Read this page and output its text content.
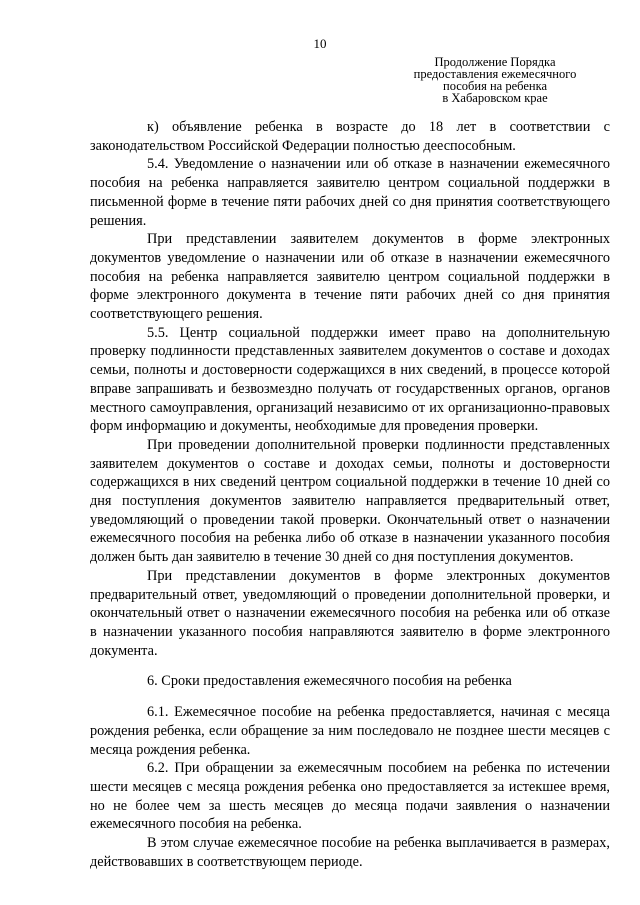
10
Продолжение Порядка
предоставления ежемесячного
пособия на ребенка
в Хабаровском крае

к) объявление ребенка в возрасте до 18 лет в соответствии с законодательством Российской Федерации полностью дееспособным.

5.4. Уведомление о назначении или об отказе в назначении ежемесячного пособия на ребенка направляется заявителю центром социальной поддержки в письменной форме в течение пяти рабочих дней со дня принятия соответствующего решения.

При представлении заявителем документов в форме электронных документов уведомление о назначении или об отказе в назначении ежемесячного пособия на ребенка направляется заявителю центром социальной поддержки в форме электронного документа в течение пяти рабочих дней со дня принятия соответствующего решения.

5.5. Центр социальной поддержки имеет право на дополнительную проверку подлинности представленных заявителем документов о составе и доходах семьи, полноты и достоверности содержащихся в них сведений, в процессе которой вправе запрашивать и безвозмездно получать от государственных органов, органов местного самоуправления, организаций независимо от их организационно-правовых форм информацию и документы, необходимые для проведения проверки.

При проведении дополнительной проверки подлинности представленных заявителем документов о составе и доходах семьи, полноты и достоверности содержащихся в них сведений центром социальной поддержки в течение 10 дней со дня поступления документов заявителю направляется предварительный ответ, уведомляющий о проведении такой проверки. Окончательный ответ о назначении ежемесячного пособия на ребенка либо об отказе в назначении указанного пособия должен быть дан заявителю в течение 30 дней со дня поступления документов.

При представлении документов в форме электронных документов предварительный ответ, уведомляющий о проведении дополнительной проверки, и окончательный ответ о назначении ежемесячного пособия на ребенка или об отказе в назначении указанного пособия направляются заявителю в форме электронного документа.

6. Сроки предоставления ежемесячного пособия на ребенка

6.1. Ежемесячное пособие на ребенка предоставляется, начиная с месяца рождения ребенка, если обращение за ним последовало не позднее шести месяцев с месяца рождения ребенка.

6.2. При обращении за ежемесячным пособием на ребенка по истечении шести месяцев с месяца рождения ребенка оно предоставляется за истекшее время, но не более чем за шесть месяцев до месяца подачи заявления о назначении ежемесячного пособия на ребенка.

В этом случае ежемесячное пособие на ребенка выплачивается в размерах, действовавших в соответствующем периоде.
